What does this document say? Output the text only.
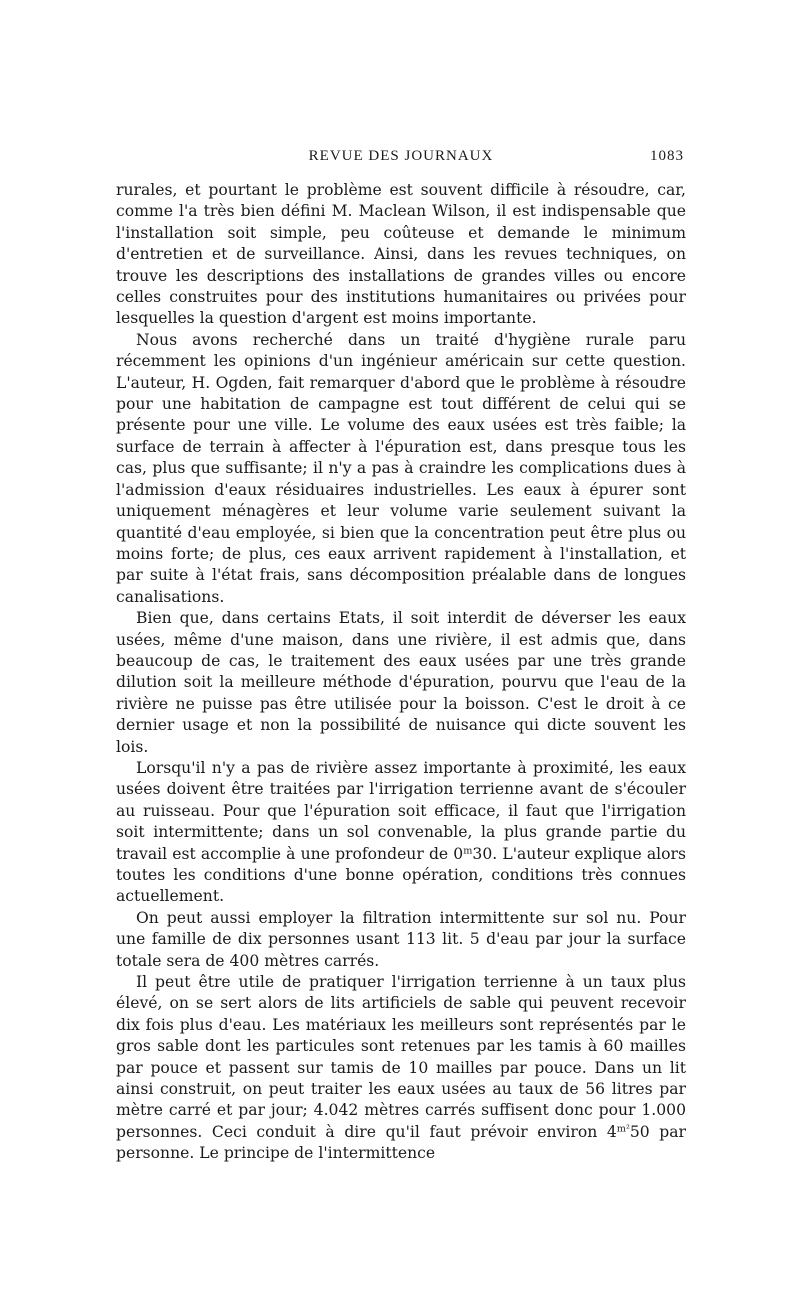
REVUE DES JOURNAUX	1083

rurales, et pourtant le problème est souvent difficile à résoudre, car, comme l'a très bien défini M. Maclean Wilson, il est indispensable que l'installation soit simple, peu coûteuse et demande le minimum d'entretien et de surveillance. Ainsi, dans les revues techniques, on trouve les descriptions des installations de grandes villes ou encore celles construites pour des institutions humanitaires ou privées pour lesquelles la question d'argent est moins importante.

Nous avons recherché dans un traité d'hygiène rurale paru récemment les opinions d'un ingénieur américain sur cette question. L'auteur, H. Ogden, fait remarquer d'abord que le problème à résoudre pour une habitation de campagne est tout différent de celui qui se présente pour une ville. Le volume des eaux usées est très faible; la surface de terrain à affecter à l'épuration est, dans presque tous les cas, plus que suffisante; il n'y a pas à craindre les complications dues à l'admission d'eaux résiduaires industrielles. Les eaux à épurer sont uniquement ménagères et leur volume varie seulement suivant la quantité d'eau employée, si bien que la concentration peut être plus ou moins forte; de plus, ces eaux arrivent rapidement à l'installation, et par suite à l'état frais, sans décomposition préalable dans de longues canalisations.

Bien que, dans certains Etats, il soit interdit de déverser les eaux usées, même d'une maison, dans une rivière, il est admis que, dans beaucoup de cas, le traitement des eaux usées par une très grande dilution soit la meilleure méthode d'épuration, pourvu que l'eau de la rivière ne puisse pas être utilisée pour la boisson. C'est le droit à ce dernier usage et non la possibilité de nuisance qui dicte souvent les lois.

Lorsqu'il n'y a pas de rivière assez importante à proximité, les eaux usées doivent être traitées par l'irrigation terrienne avant de s'écouler au ruisseau. Pour que l'épuration soit efficace, il faut que l'irrigation soit intermittente; dans un sol convenable, la plus grande partie du travail est accomplie à une profondeur de 0$^m$30. L'auteur explique alors toutes les conditions d'une bonne opération, conditions très connues actuellement.

On peut aussi employer la filtration intermittente sur sol nu. Pour une famille de dix personnes usant 113 lit. 5 d'eau par jour la surface totale sera de 400 mètres carrés.

Il peut être utile de pratiquer l'irrigation terrienne à un taux plus élevé, on se sert alors de lits artificiels de sable qui peuvent recevoir dix fois plus d'eau. Les matériaux les meilleurs sont représentés par le gros sable dont les particules sont retenues par les tamis à 60 mailles par pouce et passent sur tamis de 10 mailles par pouce. Dans un lit ainsi construit, on peut traiter les eaux usées au taux de 56 litres par mètre carré et par jour; 4.042 mètres carrés suffisent donc pour 1.000 personnes. Ceci conduit à dire qu'il faut prévoir environ $4^{m^2}50$ par personne. Le principe de l'intermittence
